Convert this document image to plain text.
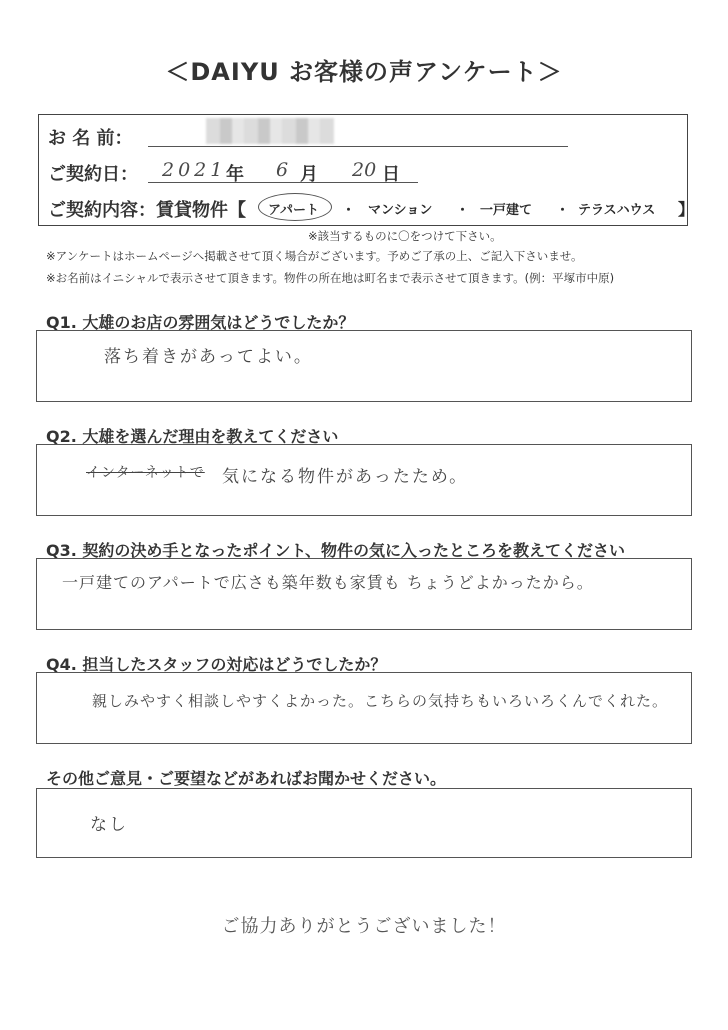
＜DAIYU お客様の声アンケート＞
お 名 前：
ご契約日： 2021 年 6 月 20 日
ご契約内容：賃貸物件【 アパート ・ マンション ・ 一戸建て ・ テラスハウス 】
※該当するものに〇をつけて下さい。
※アンケートはホームページへ掲載させて頂く場合がございます。予めご了承の上、ご記入下さいませ。
※お名前はイニシャルで表示させて頂きます。物件の所在地は町名まで表示させて頂きます。(例：平塚市中原)
Q1. 大雄のお店の雰囲気はどうでしたか？
落ち着きがあってよい。
Q2. 大雄を選んだ理由を教えてください
インターネットで 気になる物件があったため。
Q3. 契約の決め手となったポイント、物件の気に入ったところを教えてください
一戸建てのアパートで広さも築年数も家賃も ちょうどよかったから。
Q4. 担当したスタッフの対応はどうでしたか？
親しみやすく相談しやすくよかった。こちらの気持ちもいろいろくんでくれた。
その他ご意見・ご要望などがあればお聞かせください。
なし
ご協力ありがとうございました！
